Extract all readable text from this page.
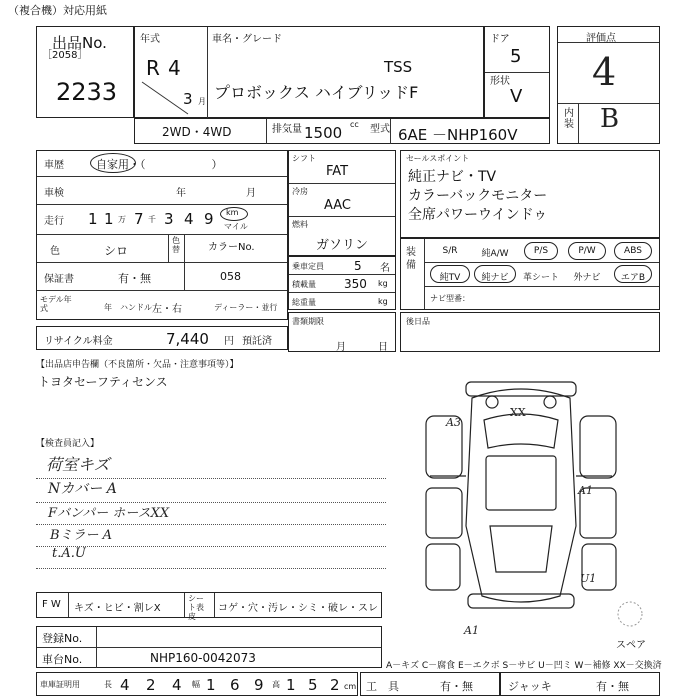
（複合機）対応用紙
出品No.
［2058］
2233
年式
R 4
3 月
車名・グレード
TSS
プロボックス ハイブリッドF
ドア
5
形状
V
評価点
4
内装 B
2WD・4WD	排気量 1500 cc 型式 6AE －NHP160V
車歴	自家用・（　　　　　　）
車検	年	月
走行 1 1 万 7 千 3 4 9 km
マイル
色	シロ
色替	カラーNo.
保証書	有・無	058
モデル年式	年 ハンドル 左・右	ディーラー・並行
リサイクル料金	7,440 円 預託済
シフト
FAT
冷房
AAC
燃料
ガソリン
乗車定員	5 名
積載量 350 kg
総重量	kg
書類期限
月	日
セールスポイント
純正ナビ・TV
カラーバックモニター
全席パワーウインドゥ
装備
S/R	純A/W	P/S	P/W	ABS
純TV	純ナビ	革シート	外ナビ	エアB
ナビ型番：
後日品
【出品店申告欄（不良箇所・欠品・注意事項等）】
トヨタセーフティセンス
【検査員記入】
荷室キズ
Nカバー A
Fバンパー ホースXX
Bミラー A
t.A.U
XX
A3
A1
U1
A1
スペア
F W キズ・ヒビ・割レX
シート表皮
コゲ・穴・汚レ・シミ・破レ・スレ
登録No.
車台No.	NHP160-0042073
A－キズ C－腐食 E－エクボ S－サビ U－凹ミ W－補修 XX－交換済
車庫証明用	長 4 2 4 幅 1 6 9 高 1 5 2 cm 工　具	有・無	ジャッキ	有・無
